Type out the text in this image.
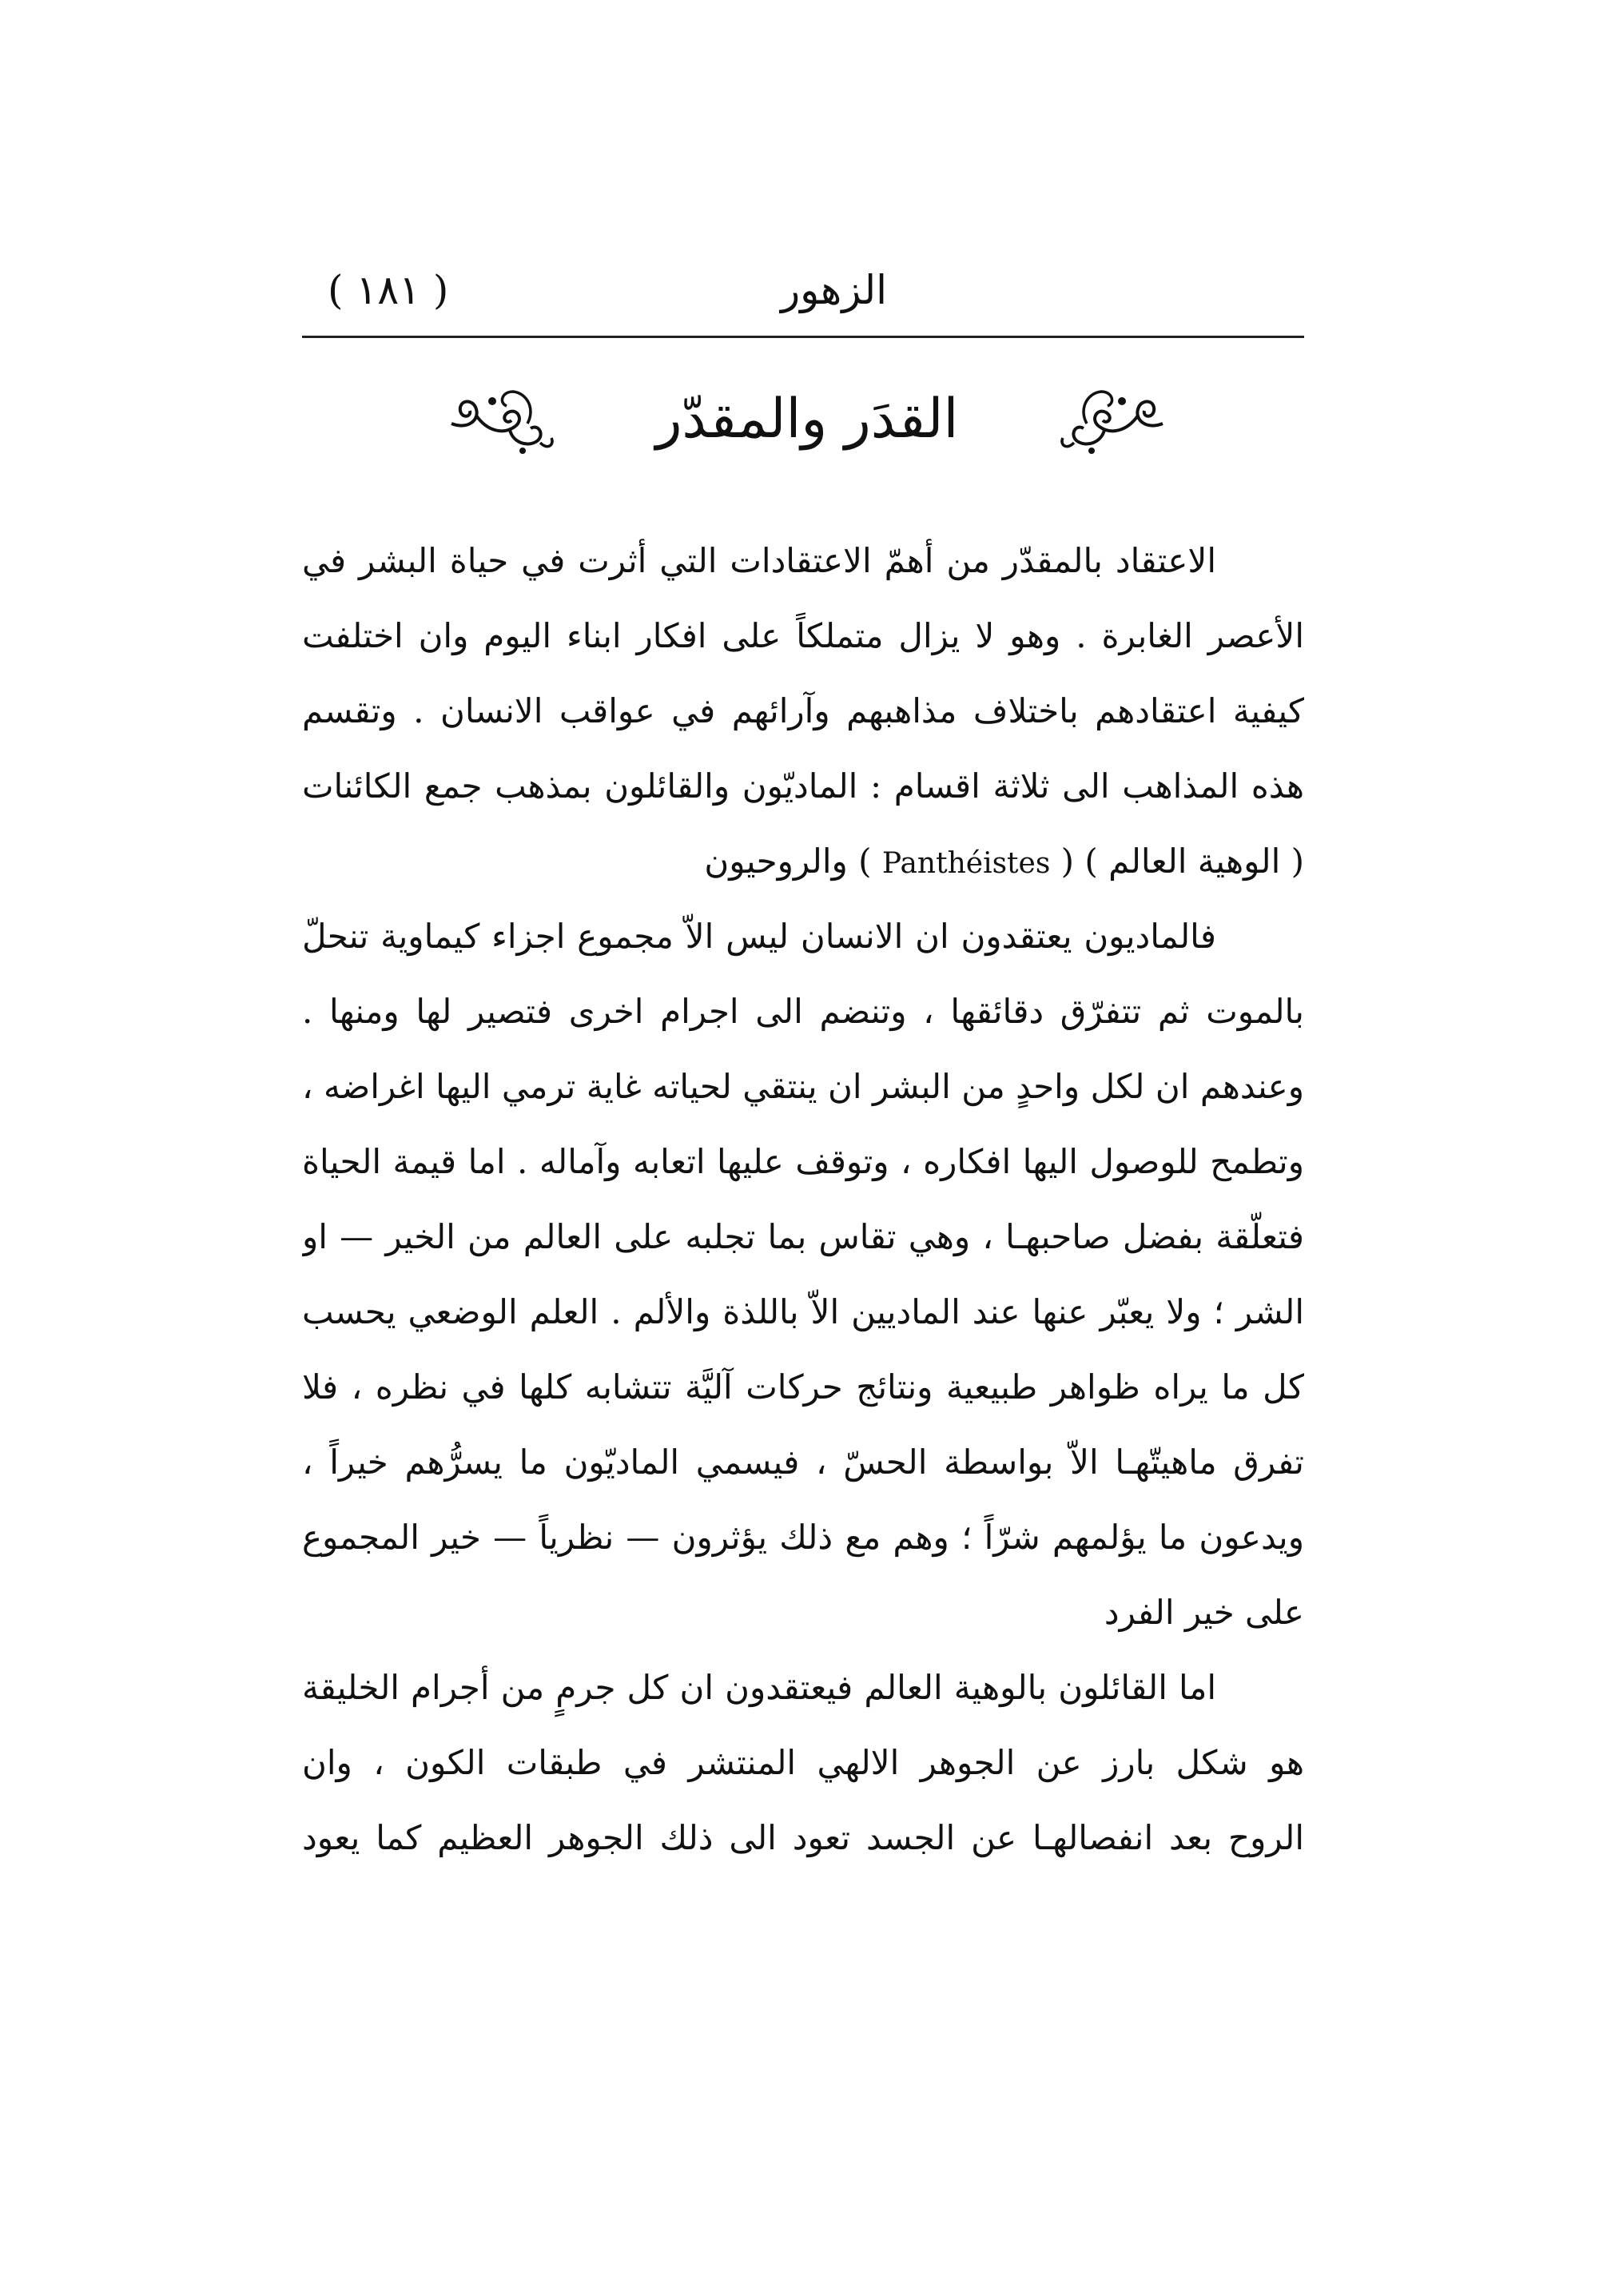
الزهور
( ١٨١ )
القدَر والمقدّر
الاعتقاد بالمقدّر من أهمّ الاعتقادات التي أثرت في حياة البشر في
الأعصر الغابرة . وهو لا يزال متملكاً على افكار ابناء اليوم وان اختلفت
كيفية اعتقادهم باختلاف مذاهبهم وآرائهم في عواقب الانسان . وتقسم
هذه المذاهب الى ثلاثة اقسام : الماديّون والقائلون بمذهب جمع الكائنات
( الوهية العالم ) ( Panthéistes ) والروحيون
فالماديون يعتقدون ان الانسان ليس الاّ مجموع اجزاء كيماوية تنحلّ
بالموت ثم تتفرّق دقائقها ، وتنضم الى اجرام اخرى فتصير لها ومنها .
وعندهم ان لكل واحدٍ من البشر ان ينتقي لحياته غاية ترمي اليها اغراضه ،
وتطمح للوصول اليها افكاره ، وتوقف عليها اتعابه وآماله . اما قيمة الحياة
فتعلّقة بفضل صاحبهـا ، وهي تقاس بما تجلبه على العالم من الخير — او
الشر ؛ ولا يعبّر عنها عند الماديين الاّ باللذة والألم . العلم الوضعي يحسب
كل ما يراه ظواهر طبيعية ونتائج حركات آليَّة تتشابه كلها في نظره ، فلا
تفرق ماهيتّهـا الاّ بواسطة الحسّ ، فيسمي الماديّون ما يسرُّهم خيراً ،
ويدعون ما يؤلمهم شرّاً ؛ وهم مع ذلك يؤثرون — نظرياً — خير المجموع
على خير الفرد
اما القائلون بالوهية العالم فيعتقدون ان كل جرمٍ من أجرام الخليقة
هو شكل بارز عن الجوهر الالهي المنتشر في طبقات الكون ، وان
الروح بعد انفصالهـا عن الجسد تعود الى ذلك الجوهر العظيم كما يعود
